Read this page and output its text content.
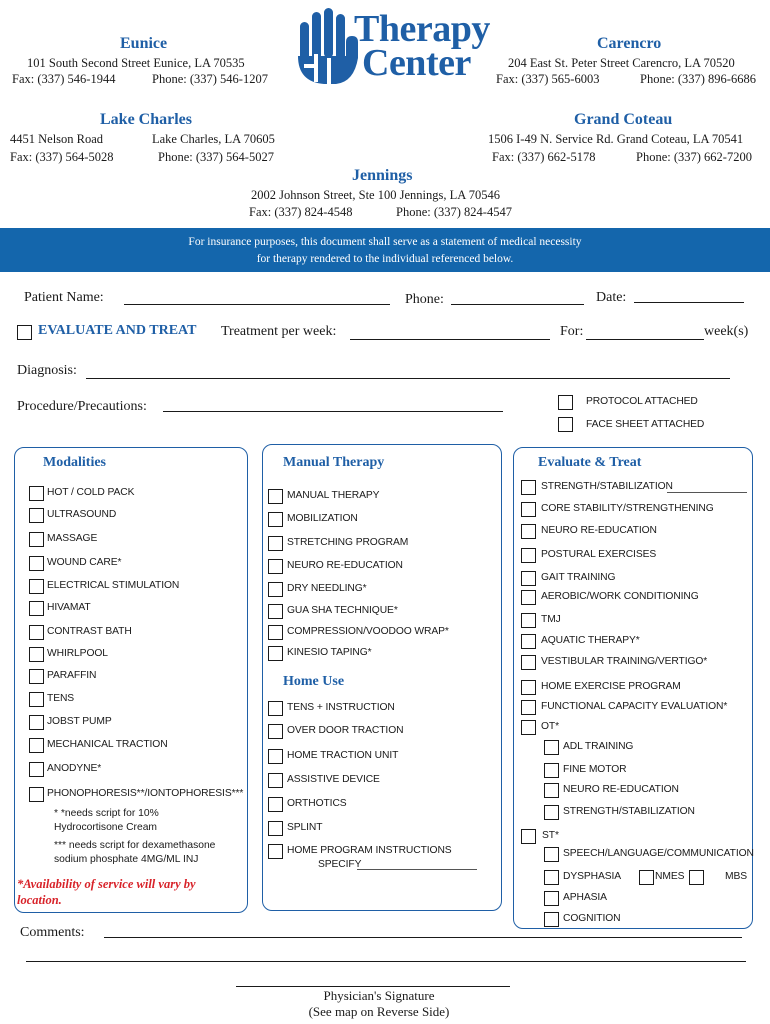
Therapy
Center
Eunice
101 South Second Street Eunice, LA 70535
Fax: (337) 546-1944	Phone: (337) 546-1207
Carencro
204 East St. Peter Street Carencro, LA 70520
Fax: (337) 565-6003	Phone: (337) 896-6686
Lake Charles
4451 Nelson Road	Lake Charles, LA 70605
Fax: (337) 564-5028	Phone: (337) 564-5027
Grand Coteau
1506 I-49 N. Service Rd. Grand Coteau, LA 70541
Fax: (337) 662-5178	Phone: (337) 662-7200
Jennings
2002 Johnson Street, Ste 100 Jennings, LA 70546
Fax: (337) 824-4548	Phone: (337) 824-4547
For insurance purposes, this document shall serve as a statement of medical necessity
for therapy rendered to the individual referenced below.
Patient Name:	Phone:	Date:
EVALUATE AND TREAT Treatment per week:	For:	week(s)
Diagnosis:
Procedure/Precautions:	PROTOCOL ATTACHED
FACE SHEET ATTACHED
Modalities
HOT / COLD PACK
ULTRASOUND
MASSAGE
WOUND CARE*
ELECTRICAL STIMULATION
HIVAMAT
CONTRAST BATH
WHIRLPOOL
PARAFFIN
TENS
JOBST PUMP
MECHANICAL TRACTION
ANODYNE*
PHONOPHORESIS**/IONTOPHORESIS***
* *needs script for 10%
Hydrocortisone Cream
*** needs script for dexamethasone
sodium phosphate 4MG/ML INJ
*Availability of service will vary by
location.
Manual Therapy
MANUAL THERAPY
MOBILIZATION
STRETCHING PROGRAM
NEURO RE-EDUCATION
DRY NEEDLING*
GUA SHA TECHNIQUE*
COMPRESSION/VOODOO WRAP*
KINESIO TAPING*
Home Use
TENS + INSTRUCTION
OVER DOOR TRACTION
HOME TRACTION UNIT
ASSISTIVE DEVICE
ORTHOTICS
SPLINT
HOME PROGRAM INSTRUCTIONS
SPECIFY
Evaluate & Treat
STRENGTH/STABILIZATION
CORE STABILITY/STRENGTHENING
NEURO RE-EDUCATION
POSTURAL EXERCISES
GAIT TRAINING
AEROBIC/WORK CONDITIONING
TMJ
AQUATIC THERAPY*
VESTIBULAR TRAINING/VERTIGO*
HOME EXERCISE PROGRAM
FUNCTIONAL CAPACITY EVALUATION*
OT*
ADL TRAINING
FINE MOTOR
NEURO RE-EDUCATION
STRENGTH/STABILIZATION
ST*
SPEECH/LANGUAGE/COMMUNICATION
DYSPHASIA
APHASIA
COGNITION
NMES	MBS
Comments:
Physician's Signature
(See map on Reverse Side)
